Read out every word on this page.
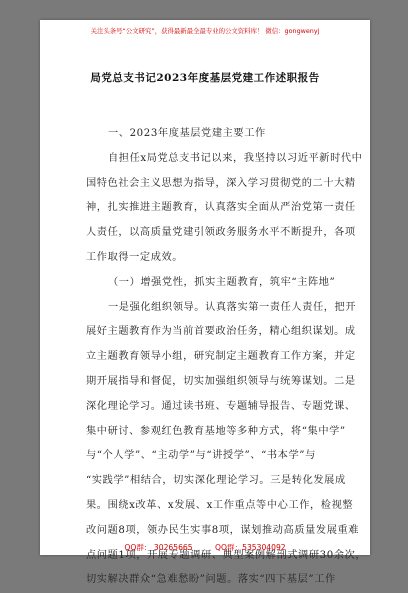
关注头条号“公文研究”，获得最新最全最专业的公文资料库！ 微信：gongwenyj
局党总支书记2023年度基层党建工作述职报告
一、2023年度基层党建主要工作
自担任x局党总支书记以来，我坚持以习近平新时代中
国特色社会主义思想为指导，深入学习贯彻党的二十大精
神，扎实推进主题教育，认真落实全面从严治党第一责任
人责任，以高质量党建引领政务服务水平不断提升，各项
工作取得一定成效。
（一）增强党性，抓实主题教育，筑牢“主阵地”
一是强化组织领导。认真落实第一责任人责任，把开
展好主题教育作为当前首要政治任务，精心组织谋划。成
立主题教育领导小组，研究制定主题教育工作方案，并定
期开展指导和督促，切实加强组织领导与统筹谋划。二是
深化理论学习。通过读书班、专题辅导报告、专题党课、
集中研讨、参观红色教育基地等多种方式，将“集中学”
与“个人学”、“主动学”与“讲授学”、“书本学”与
“实践学”相结合，切实深化理论学习。三是转化发展成
果。围绕x改革、x发展、x工作重点等中心工作，检视整
改问题8项，领办民生实事8项，谋划推动高质量发展重难
点问题1项，开展专题调研、典型案例解剖式调研30余次，
切实解决群众“急难愁盼”问题。落实“四下基层”工作
QQ群： 30265665	QQ群：535304092
